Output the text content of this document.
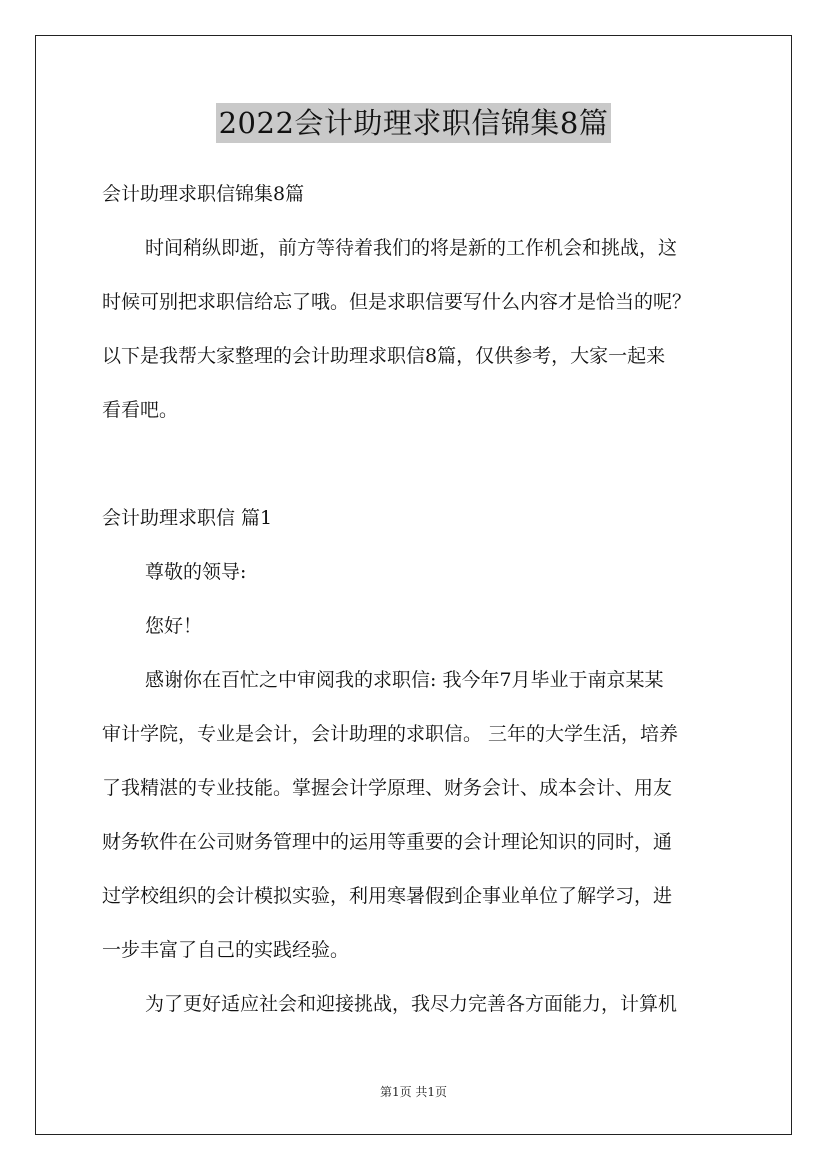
2022会计助理求职信锦集8篇
会计助理求职信锦集8篇
时间稍纵即逝，前方等待着我们的将是新的工作机会和挑战，这
时候可别把求职信给忘了哦。但是求职信要写什么内容才是恰当的呢？
以下是我帮大家整理的会计助理求职信8篇，仅供参考，大家一起来
看看吧。
会计助理求职信 篇1
尊敬的领导:
您好！
感谢你在百忙之中审阅我的求职信: 我今年7月毕业于南京某某
审计学院，专业是会计，会计助理的求职信。 三年的大学生活，培养
了我精湛的专业技能。掌握会计学原理、财务会计、成本会计、用友
财务软件在公司财务管理中的运用等重要的会计理论知识的同时，通
过学校组织的会计模拟实验，利用寒暑假到企事业单位了解学习，进
一步丰富了自己的实践经验。
为了更好适应社会和迎接挑战，我尽力完善各方面能力，计算机
第1页 共1页
